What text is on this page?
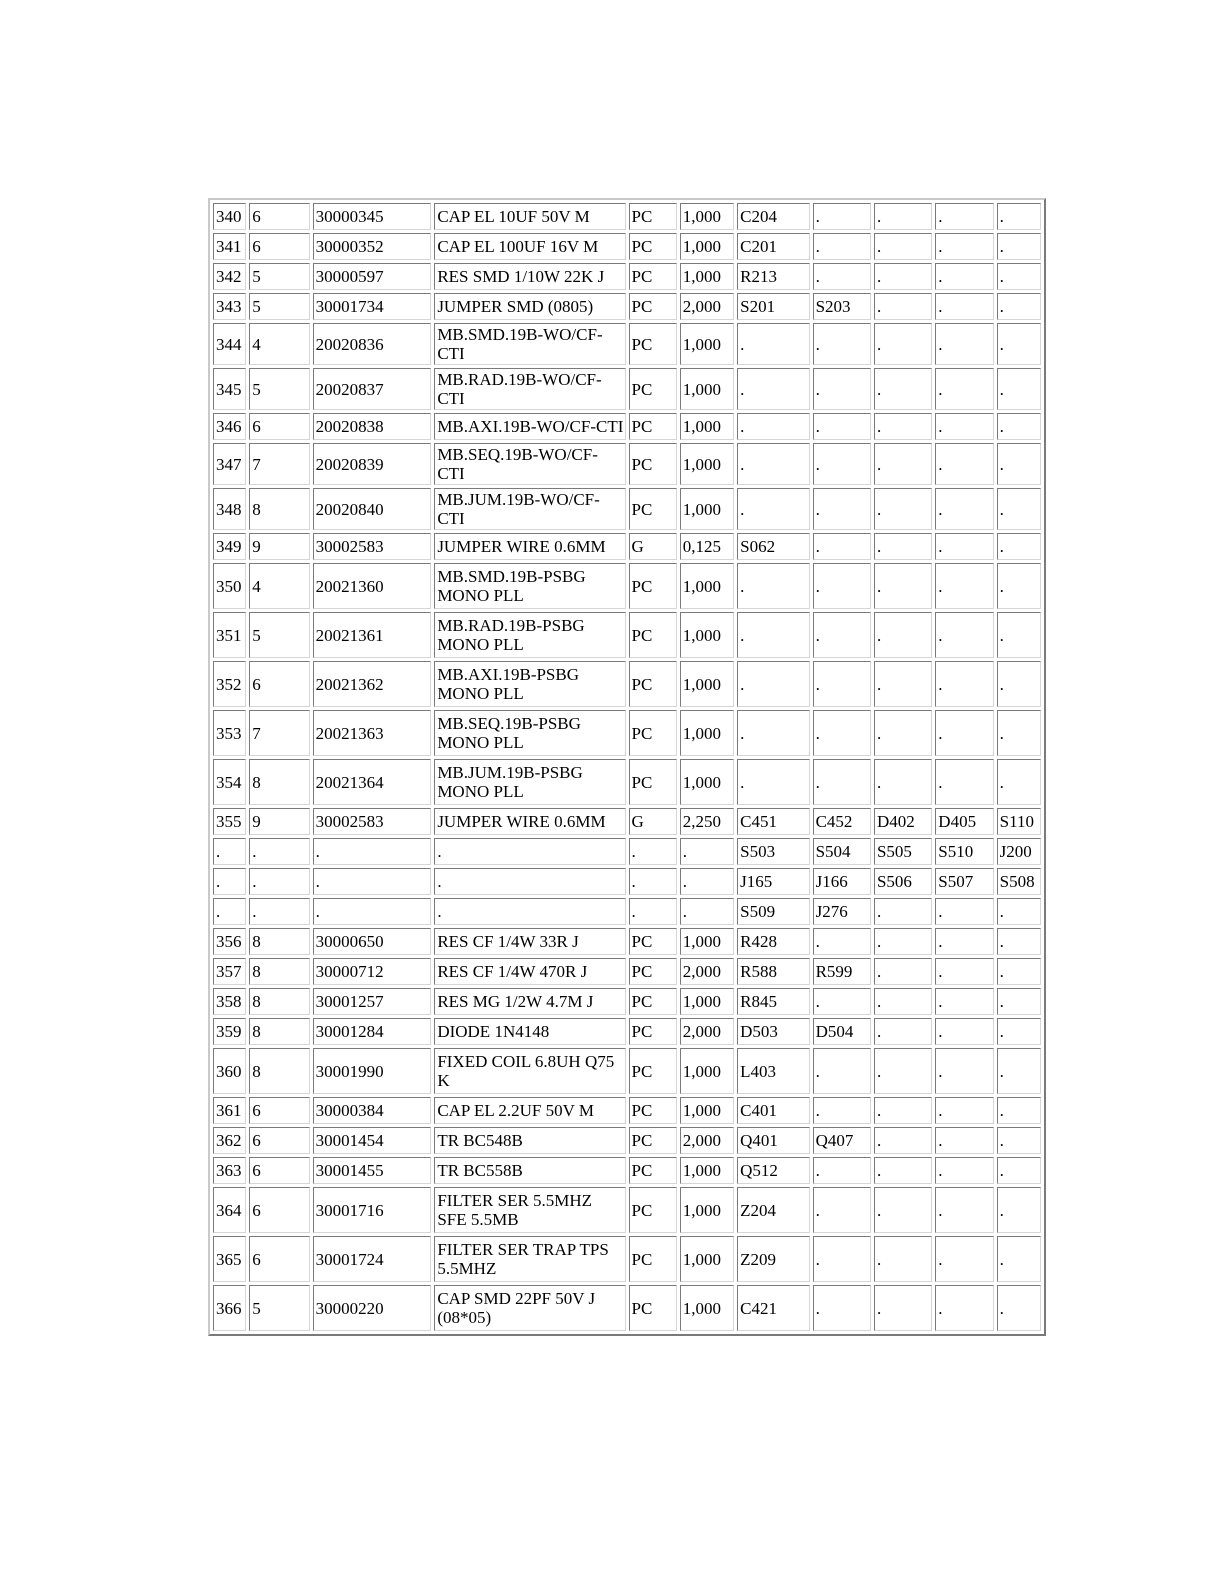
340	6	30000345	CAP EL 10UF 50V M	PC	1,000	C204	.	.	.	.
341	6	30000352	CAP EL 100UF 16V M	PC	1,000	C201	.	.	.	.
342	5	30000597	RES SMD 1/10W 22K J	PC	1,000	R213	.	.	.	.
343	5	30001734	JUMPER SMD (0805)	PC	2,000	S201	S203	.	.	.
344	4	20020836	MB.SMD.19B-WO/CF-CTI	PC	1,000	.	.	.	.	.
345	5	20020837	MB.RAD.19B-WO/CF-CTI	PC	1,000	.	.	.	.	.
346	6	20020838	MB.AXI.19B-WO/CF-CTI	PC	1,000	.	.	.	.	.
347	7	20020839	MB.SEQ.19B-WO/CF-CTI	PC	1,000	.	.	.	.	.
348	8	20020840	MB.JUM.19B-WO/CF-CTI	PC	1,000	.	.	.	.	.
349	9	30002583	JUMPER WIRE 0.6MM	G	0,125	S062	.	.	.	.
350	4	20021360	MB.SMD.19B-PSBG MONO PLL	PC	1,000	.	.	.	.	.
351	5	20021361	MB.RAD.19B-PSBG MONO PLL	PC	1,000	.	.	.	.	.
352	6	20021362	MB.AXI.19B-PSBG MONO PLL	PC	1,000	.	.	.	.	.
353	7	20021363	MB.SEQ.19B-PSBG MONO PLL	PC	1,000	.	.	.	.	.
354	8	20021364	MB.JUM.19B-PSBG MONO PLL	PC	1,000	.	.	.	.	.
355	9	30002583	JUMPER WIRE 0.6MM	G	2,250	C451	C452	D402	D405	S110
.	.	.	.	.	.	S503	S504	S505	S510	J200
.	.	.	.	.	.	J165	J166	S506	S507	S508
.	.	.	.	.	.	S509	J276	.	.	.
356	8	30000650	RES CF 1/4W 33R J	PC	1,000	R428	.	.	.	.
357	8	30000712	RES CF 1/4W 470R J	PC	2,000	R588	R599	.	.	.
358	8	30001257	RES MG 1/2W 4.7M J	PC	1,000	R845	.	.	.	.
359	8	30001284	DIODE 1N4148	PC	2,000	D503	D504	.	.	.
360	8	30001990	FIXED COIL 6.8UH Q75 K	PC	1,000	L403	.	.	.	.
361	6	30000384	CAP EL 2.2UF 50V M	PC	1,000	C401	.	.	.	.
362	6	30001454	TR BC548B	PC	2,000	Q401	Q407	.	.	.
363	6	30001455	TR BC558B	PC	1,000	Q512	.	.	.	.
364	6	30001716	FILTER SER 5.5MHZ SFE 5.5MB	PC	1,000	Z204	.	.	.	.
365	6	30001724	FILTER SER TRAP TPS 5.5MHZ	PC	1,000	Z209	.	.	.	.
366	5	30000220	CAP SMD 22PF 50V J (08*05)	PC	1,000	C421	.	.	.	.
